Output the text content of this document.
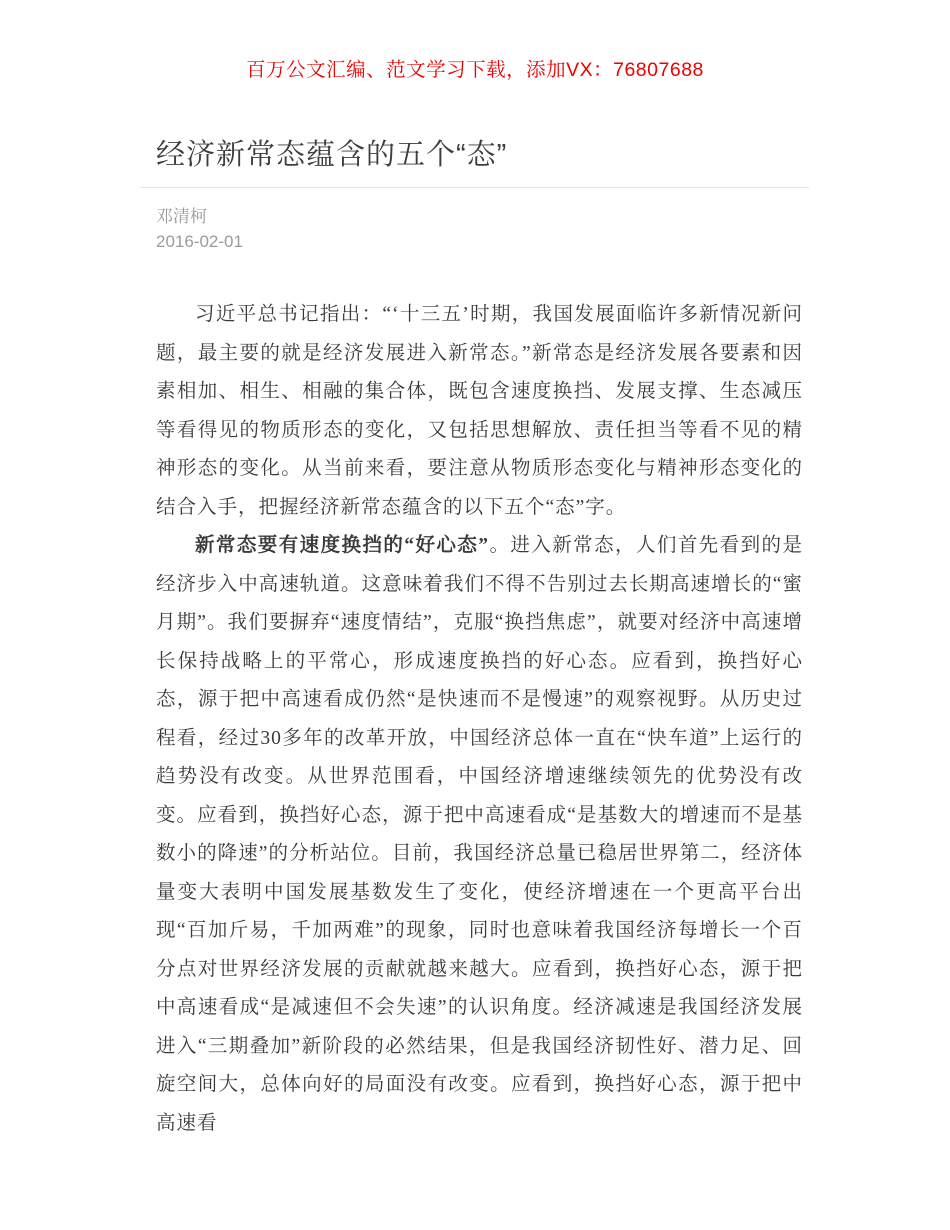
百万公文汇编、范文学习下载，添加VX：76807688
经济新常态蕴含的五个“态”
邓清柯
2016-02-01

习近平总书记指出：“‘十三五’时期，我国发展面临许多新情况新问题，最主要的就是经济发展进入新常态。”新常态是经济发展各要素和因素相加、相生、相融的集合体，既包含速度换挡、发展支撑、生态减压等看得见的物质形态的变化，又包括思想解放、责任担当等看不见的精神形态的变化。从当前来看，要注意从物质形态变化与精神形态变化的结合入手，把握经济新常态蕴含的以下五个“态”字。

新常态要有速度换挡的“好心态”。进入新常态，人们首先看到的是经济步入中高速轨道。这意味着我们不得不告别过去长期高速增长的“蜜月期”。我们要摒弃“速度情结”，克服“换挡焦虑”，就要对经济中高速增长保持战略上的平常心，形成速度换挡的好心态。应看到，换挡好心态，源于把中高速看成仍然“是快速而不是慢速”的观察视野。从历史过程看，经过30多年的改革开放，中国经济总体一直在“快车道”上运行的趋势没有改变。从世界范围看，中国经济增速继续领先的优势没有改变。应看到，换挡好心态，源于把中高速看成“是基数大的增速而不是基数小的降速”的分析站位。目前，我国经济总量已稳居世界第二，经济体量变大表明中国发展基数发生了变化，使经济增速在一个更高平台出现“百加斤易，千加两难”的现象，同时也意味着我国经济每增长一个百分点对世界经济发展的贡献就越来越大。应看到，换挡好心态，源于把中高速看成“是减速但不会失速”的认识角度。经济减速是我国经济发展进入“三期叠加”新阶段的必然结果，但是我国经济韧性好、潜力足、回旋空间大，总体向好的局面没有改变。应看到，换挡好心态，源于把中高速看
